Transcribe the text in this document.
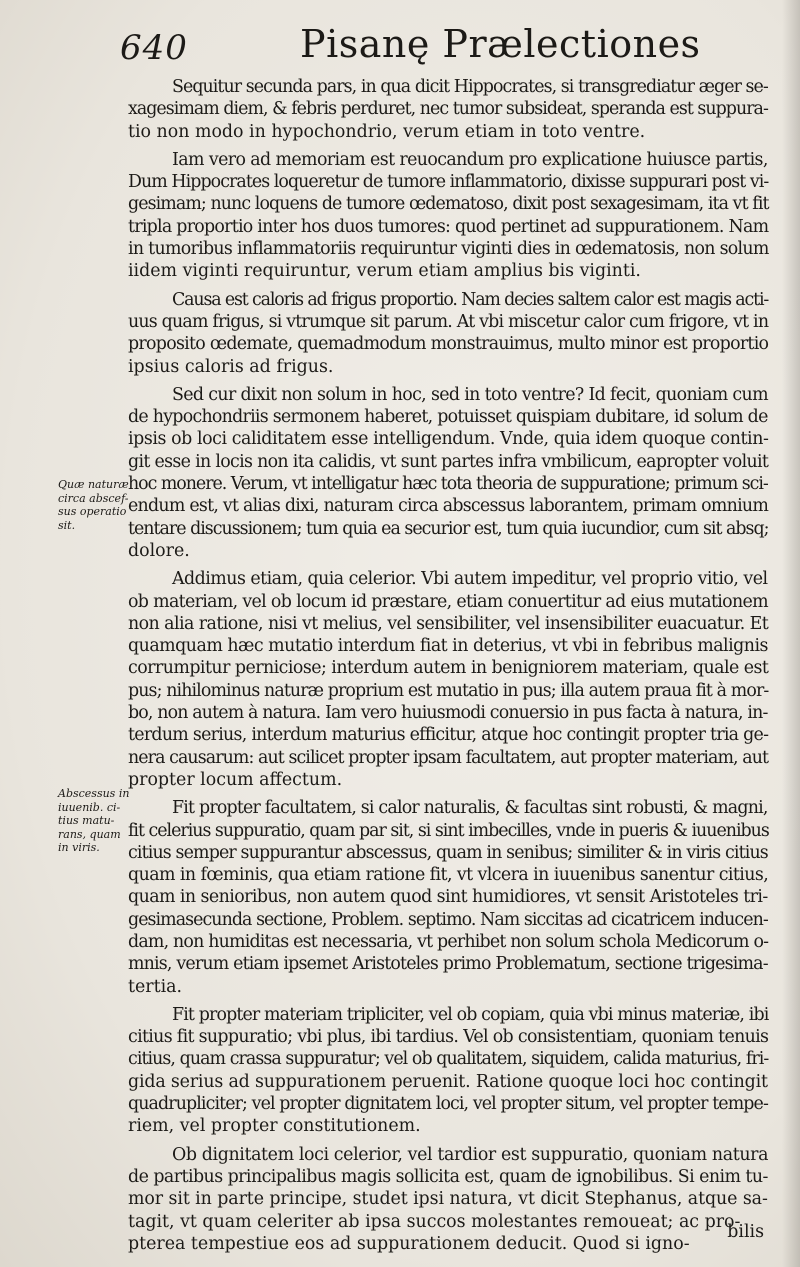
640	Pisanę Prælectiones
Sequitur secunda pars, in qua dicit Hippocrates, si transgrediatur æger se-
xagesimam diem, & febris perduret, nec tumor subsideat, speranda est suppura-
tio non modo in hypochondrio, verum etiam in toto ventre.
Iam vero ad memoriam est reuocandum pro explicatione huiusce partis,
Dum Hippocrates loqueretur de tumore inflammatorio, dixisse suppurari post vi-
gesimam; nunc loquens de tumore œdematoso, dixit post sexagesimam, ita vt fit
tripla proportio inter hos duos tumores: quod pertinet ad suppurationem. Nam
in tumoribus inflammatoriis requiruntur viginti dies in œdematosis, non solum
iidem viginti requiruntur, verum etiam amplius bis viginti.
Causa est caloris ad frigus proportio. Nam decies saltem calor est magis acti-
uus quam frigus, si vtrumque sit parum. At vbi miscetur calor cum frigore, vt in
proposito œdemate, quemadmodum monstrauimus, multo minor est proportio
ipsius caloris ad frigus.
Sed cur dixit non solum in hoc, sed in toto ventre? Id fecit, quoniam cum
de hypochondriis sermonem haberet, potuisset quispiam dubitare, id solum de
ipsis ob loci caliditatem esse intelligendum. Vnde, quia idem quoque contin-
git esse in locis non ita calidis, vt sunt partes infra vmbilicum, eapropter voluit
hoc monere. Verum, vt intelligatur hæc tota theoria de suppuratione; primum sci-
endum est, vt alias dixi, naturam circa abscessus laborantem, primam omnium
tentare discussionem; tum quia ea securior est, tum quia iucundior, cum sit absq;
dolore.
Addimus etiam, quia celerior. Vbi autem impeditur, vel proprio vitio, vel
ob materiam, vel ob locum id præstare, etiam conuertitur ad eius mutationem
non alia ratione, nisi vt melius, vel sensibiliter, vel insensibiliter euacuatur. Et
quamquam hæc mutatio interdum fiat in deterius, vt vbi in febribus malignis
corrumpitur perniciose; interdum autem in benigniorem materiam, quale est
pus; nihilominus naturæ proprium est mutatio in pus; illa autem praua fit à mor-
bo, non autem à natura. Iam vero huiusmodi conuersio in pus facta à natura, in-
terdum serius, interdum maturius efficitur, atque hoc contingit propter tria ge-
nera causarum: aut scilicet propter ipsam facultatem, aut propter materiam, aut
propter locum affectum.
Fit propter facultatem, si calor naturalis, & facultas sint robusti, & magni,
fit celerius suppuratio, quam par sit, si sint imbecilles, vnde in pueris & iuuenibus
citius semper suppurantur abscessus, quam in senibus; similiter & in viris citius
quam in fœminis, qua etiam ratione fit, vt vlcera in iuuenibus sanentur citius,
quam in senioribus, non autem quod sint humidiores, vt sensit Aristoteles tri-
gesimasecunda sectione, Problem. septimo. Nam siccitas ad cicatricem inducen-
dam, non humiditas est necessaria, vt perhibet non solum schola Medicorum o-
mnis, verum etiam ipsemet Aristoteles primo Problematum, sectione trigesima-
tertia.
Fit propter materiam tripliciter, vel ob copiam, quia vbi minus materiæ, ibi
citius fit suppuratio; vbi plus, ibi tardius. Vel ob consistentiam, quoniam tenuis
citius, quam crassa suppuratur; vel ob qualitatem, siquidem, calida maturius, fri-
gida serius ad suppurationem peruenit. Ratione quoque loci hoc contingit
quadrupliciter; vel propter dignitatem loci, vel propter situm, vel propter tempe-
riem, vel propter constitutionem.
Ob dignitatem loci celerior, vel tardior est suppuratio, quoniam natura
de partibus principalibus magis sollicita est, quam de ignobilibus. Si enim tu-
mor sit in parte principe, studet ipsi natura, vt dicit Stephanus, atque sa-
tagit, vt quam celeriter ab ipsa succos molestantes remoueat; ac pro-
pterea tempestiue eos ad suppurationem deducit. Quod si igno-
bilis
Quæ naturæ
circa abscef-
sus operatio
sit.
Abscessus in
iuuenib. ci-
tius matu-
rans, quam
in viris.
